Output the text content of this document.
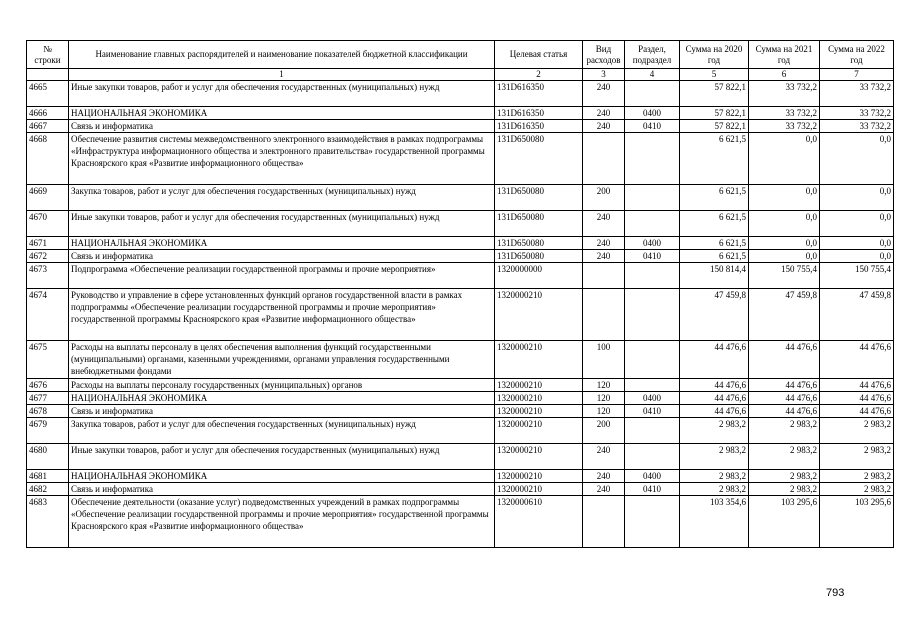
№ строки	Наименование главных распорядителей и наименование показателей бюджетной классификации	Целевая статья	Вид расходов	Раздел, подраздел	Сумма на 2020 год	Сумма на 2021 год	Сумма на 2022 год
	1	2	3	4	5	6	7
4665	Иные закупки товаров, работ и услуг для обеспечения государственных (муниципальных) нужд	131D616350	240		57 822,1	33 732,2	33 732,2
4666	НАЦИОНАЛЬНАЯ ЭКОНОМИКА	131D616350	240	0400	57 822,1	33 732,2	33 732,2
4667	Связь и информатика	131D616350	240	0410	57 822,1	33 732,2	33 732,2
4668	Обеспечение развития системы межведомственного электронного взаимодействия в рамках подпрограммы «Инфраструктура информационного общества и электронного правительства» государственной программы Красноярского края «Развитие информационного общества»	131D650080			6 621,5	0,0	0,0
4669	Закупка товаров, работ и услуг для обеспечения государственных (муниципальных) нужд	131D650080	200		6 621,5	0,0	0,0
4670	Иные закупки товаров, работ и услуг для обеспечения государственных (муниципальных) нужд	131D650080	240		6 621,5	0,0	0,0
4671	НАЦИОНАЛЬНАЯ ЭКОНОМИКА	131D650080	240	0400	6 621,5	0,0	0,0
4672	Связь и информатика	131D650080	240	0410	6 621,5	0,0	0,0
4673	Подпрограмма «Обеспечение реализации государственной программы и прочие мероприятия»	1320000000			150 814,4	150 755,4	150 755,4
4674	Руководство и управление в сфере установленных функций органов государственной власти в рамках подпрограммы «Обеспечение реализации государственной программы и прочие мероприятия» государственной программы Красноярского края «Развитие информационного общества»	1320000210			47 459,8	47 459,8	47 459,8
4675	Расходы на выплаты персоналу в целях обеспечения выполнения функций государственными (муниципальными) органами, казенными учреждениями, органами управления государственными внебюджетными фондами	1320000210	100		44 476,6	44 476,6	44 476,6
4676	Расходы на выплаты персоналу государственных (муниципальных) органов	1320000210	120		44 476,6	44 476,6	44 476,6
4677	НАЦИОНАЛЬНАЯ ЭКОНОМИКА	1320000210	120	0400	44 476,6	44 476,6	44 476,6
4678	Связь и информатика	1320000210	120	0410	44 476,6	44 476,6	44 476,6
4679	Закупка товаров, работ и услуг для обеспечения государственных (муниципальных) нужд	1320000210	200		2 983,2	2 983,2	2 983,2
4680	Иные закупки товаров, работ и услуг для обеспечения государственных (муниципальных) нужд	1320000210	240		2 983,2	2 983,2	2 983,2
4681	НАЦИОНАЛЬНАЯ ЭКОНОМИКА	1320000210	240	0400	2 983,2	2 983,2	2 983,2
4682	Связь и информатика	1320000210	240	0410	2 983,2	2 983,2	2 983,2
4683	Обеспечение деятельности (оказание услуг) подведомственных учреждений в рамках подпрограммы «Обеспечение реализации государственной программы и прочие мероприятия» государственной программы Красноярского края «Развитие информационного общества»	1320000610			103 354,6	103 295,6	103 295,6
793
